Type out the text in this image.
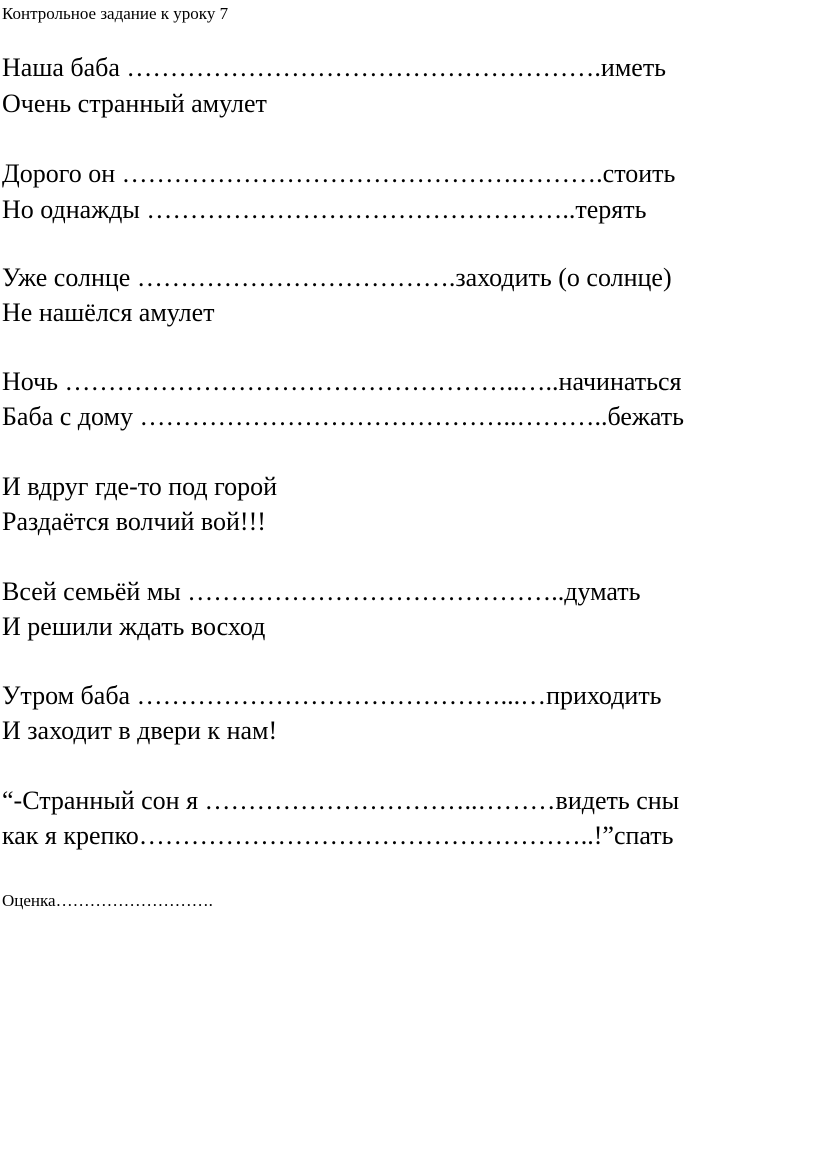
Контрольное задание к уроку 7
Наша баба ……………………………………………….иметь
Очень странный амулет
Дорого он ……………………………………….……….стоить
Но однажды …………………………………………..терять
Уже солнце ……………………………….заходить (о солнце)
Не нашёлся амулет
Ночь ……………………………………………..…..начинаться
Баба с дому ……………………………………..………..бежать
И вдруг где-то под горой
Раздаётся волчий вой!!!
Всей семьёй мы ……………………………………..думать
И решили ждать восход
Утром баба ……………………………………...…приходить
И заходит в двери к нам!
“-Странный сон я …………………………..………видеть сны
как я крепко……………………………………………..!”спать
Оценка……………………….
